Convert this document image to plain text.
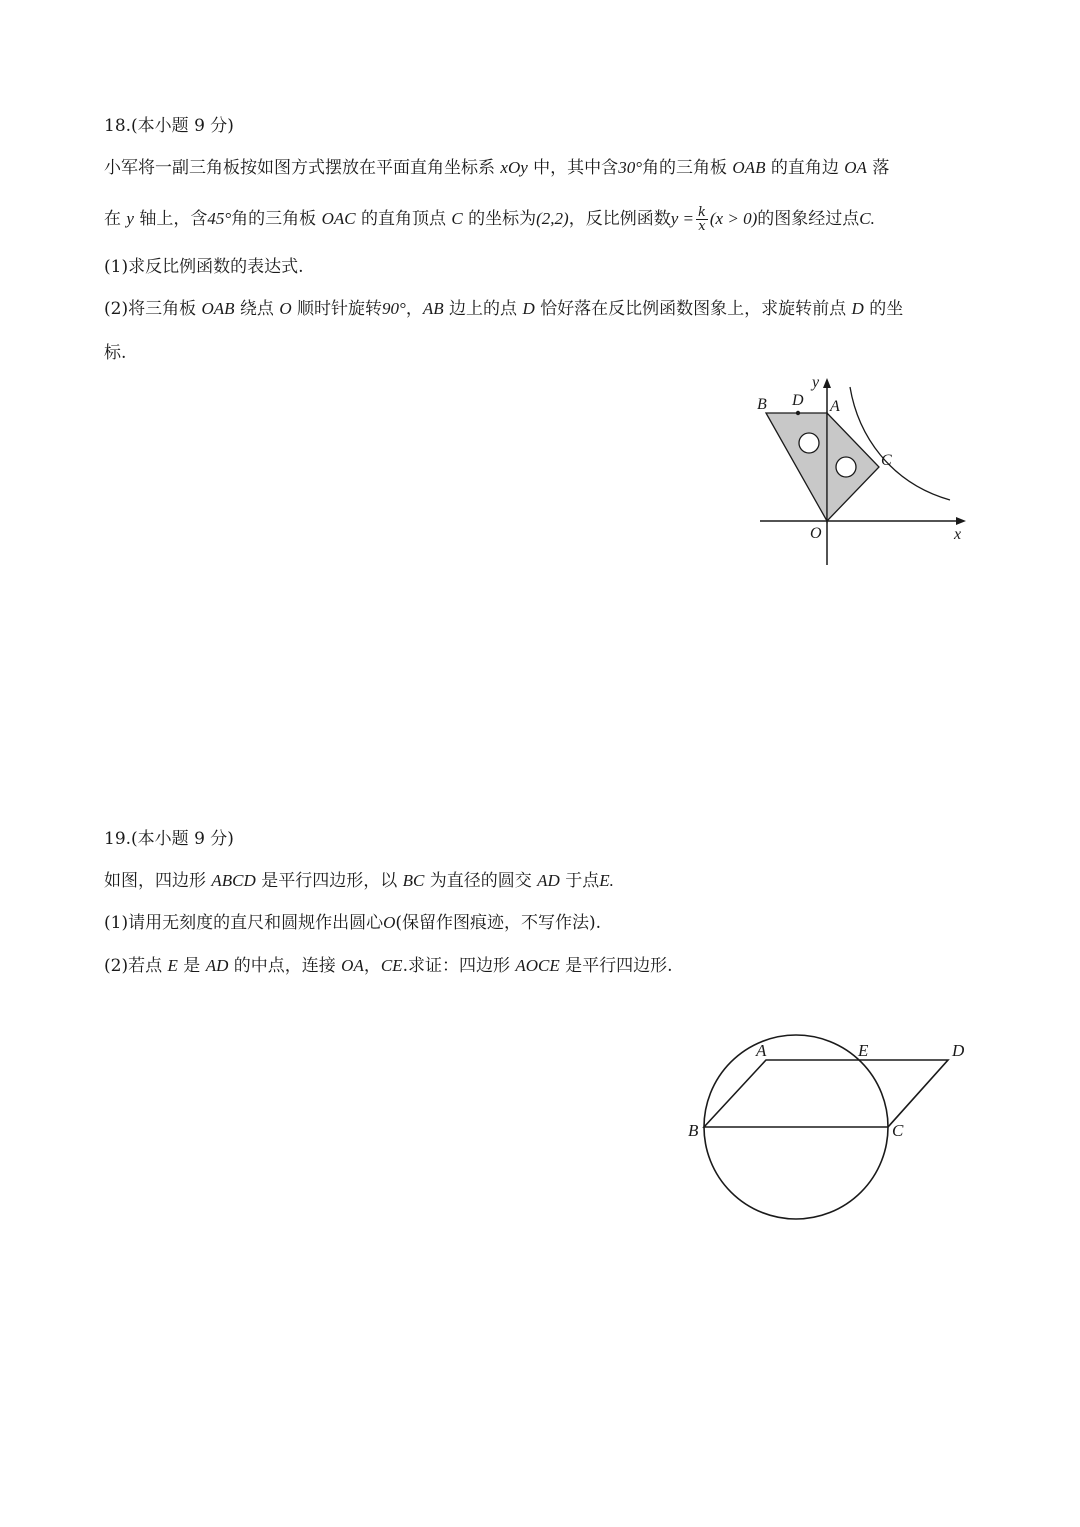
18.(本小题 9 分)
小军将一副三角板按如图方式摆放在平面直角坐标系 xOy 中，其中含30°角的三角板 OAB 的直角边 OA 落
在 y 轴上，含45°角的三角板 OAC 的直角顶点 C 的坐标为(2,2)，反比例函数$y = \frac{k}{x} (x > 0)$的图象经过点C.
(1)求反比例函数的表达式.
(2)将三角板 OAB 绕点 O 顺时针旋转90°，AB 边上的点 D 恰好落在反比例函数图象上，求旋转前点 D 的坐
标.
B D A
C
O	x
y
19.(本小题 9 分)
如图，四边形 ABCD 是平行四边形，以 BC 为直径的圆交 AD 于点E.
(1)请用无刻度的直尺和圆规作出圆心O(保留作图痕迹，不写作法).
(2)若点 E 是 AD 的中点，连接 OA，CE.求证：四边形 AOCE 是平行四边形.
A	E	D
B	C
